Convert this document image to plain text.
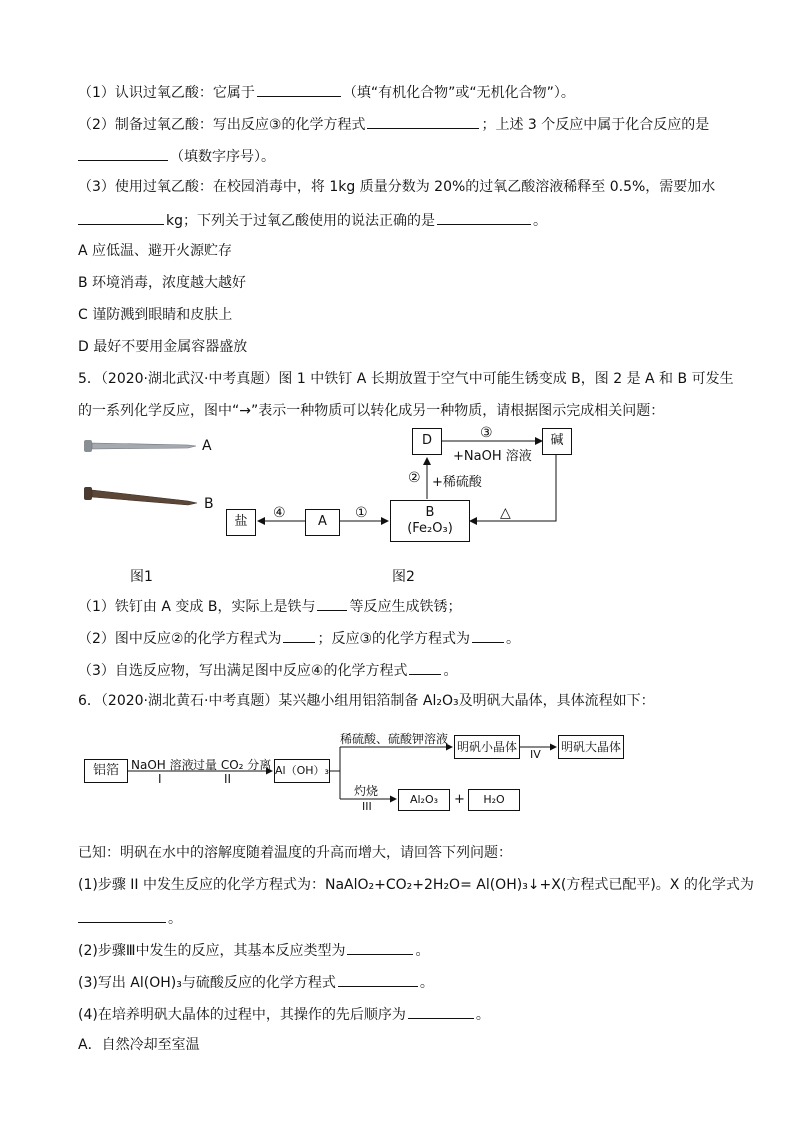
（1）认识过氧乙酸：它属于	（填“有机化合物”或“无机化合物”）。
（2）制备过氧乙酸：写出反应③的化学方程式	；上述 3 个反应中属于化合反应的是
（填数字序号）。
（3）使用过氧乙酸：在校园消毒中，将 1kg 质量分数为 20%的过氧乙酸溶液稀释至 0.5%，需要加水
kg；下列关于过氧乙酸使用的说法正确的是	。
A 应低温、避开火源贮存
B 环境消毒，浓度越大越好
C 谨防溅到眼睛和皮肤上
D 最好不要用金属容器盛放
5．（2020·湖北武汉·中考真题）图 1 中铁钉 A 长期放置于空气中可能生锈变成 B，图 2 是 A 和 B 可发生
的一系列化学反应，图中“→”表示一种物质可以转化成另一种物质，请根据图示完成相关问题：
A
B
图1
D	碱
盐	A
B
(Fe₂O₃)
③
+NaOH 溶液
② +稀硫酸
△
①
④
图2
（1）铁钉由 A 变成 B，实际上是铁与 等反应生成铁锈；
（2）图中反应②的化学方程式为	；反应③的化学方程式为	。
（3）自选反应物，写出满足图中反应④的化学方程式	。
6．（2020·湖北黄石·中考真题）某兴趣小组用铝箔制备 Al₂O₃及明矾大晶体，具体流程如下：
铝箔 NaOH 溶液
I
过量 CO₂ 分离
II
Al（OH）₃
稀硫酸、硫酸钾溶液
明矾小晶体
IV
明矾大晶体
灼烧
III
Al₂O₃ + H₂O
已知：明矾在水中的溶解度随着温度的升高而增大，请回答下列问题：
(1)步骤 II 中发生反应的化学方程式为：NaAlO₂+CO₂+2H₂O= Al(OH)₃↓+X(方程式已配平)。X 的化学式为
。
(2)步骤Ⅲ中发生的反应，其基本反应类型为	。
(3)写出 Al(OH)₃与硫酸反应的化学方程式	。
(4)在培养明矾大晶体的过程中，其操作的先后顺序为	。
A．自然冷却至室温
